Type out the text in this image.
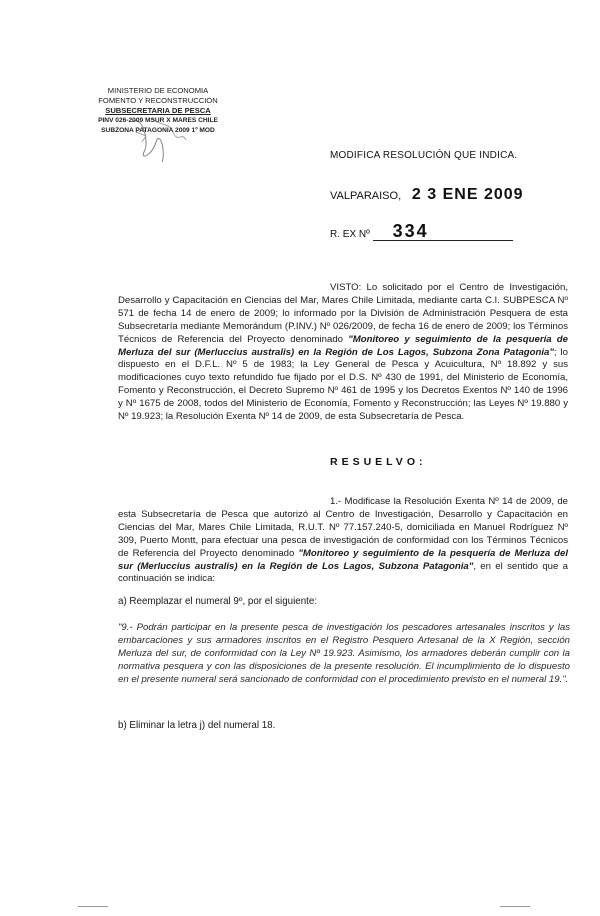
MINISTERIO DE ECONOMIA
FOMENTO Y RECONSTRUCCION
SUBSECRETARIA DE PESCA
PINV 026-2009 MSUR X MARES CHILE
SUBZONA PATAGONIA 2009 1º MOD
MODIFICA RESOLUCIÓN QUE INDICA.
VALPARAISO, 2 3 ENE 2009
R. EX Nº 334
VISTO: Lo solicitado por el Centro de Investigación, Desarrollo y Capacitación en Ciencias del Mar, Mares Chile Limitada, mediante carta C.I. SUBPESCA Nº 571 de fecha 14 de enero de 2009; lo informado por la División de Administración Pesquera de esta Subsecretaría mediante Memorándum (P.INV.) Nº 026/2009, de fecha 16 de enero de 2009; los Términos Técnicos de Referencia del Proyecto denominado "Monitoreo y seguimiento de la pesquería de Merluza del sur (Merluccius australis) en la Región de Los Lagos, Subzona Zona Patagonia"; lo dispuesto en el D.F.L. Nº 5 de 1983; la Ley General de Pesca y Acuicultura, Nº 18.892 y sus modificaciones cuyo texto refundido fue fijado por el D.S. Nº 430 de 1991, del Ministerio de Economía, Fomento y Reconstrucción, el Decreto Supremo Nº 461 de 1995 y los Decretos Exentos Nº 140 de 1996 y Nº 1675 de 2008, todos del Ministerio de Economía, Fomento y Reconstrucción; las Leyes Nº 19.880 y Nº 19.923; la Resolución Exenta Nº 14 de 2009, de esta Subsecretaría de Pesca.
RESUELVO:
1.- Modificase la Resolución Exenta Nº 14 de 2009, de esta Subsecretaría de Pesca que autorizó al Centro de Investigación, Desarrollo y Capacitación en Ciencias del Mar, Mares Chile Limitada, R.U.T. Nº 77.157.240-5, domiciliada en Manuel Rodríguez Nº 309, Puerto Montt, para efectuar una pesca de investigación de conformidad con los Términos Técnicos de Referencia del Proyecto denominado "Monitoreo y seguimiento de la pesquería de Merluza del sur (Merluccius australis) en la Región de Los Lagos, Subzona Patagonia", en el sentido que a continuación se indica:
a) Reemplazar el numeral 9º, por el siguiente:
"9.- Podrán participar en la presente pesca de investigación los pescadores artesanales inscritos y las embarcaciones y sus armadores inscritos en el Registro Pesquero Artesanal de la X Región, sección Merluza del sur, de conformidad con la Ley Nº 19.923. Asimismo, los armadores deberán cumplir con la normativa pesquera y con las disposiciones de la presente resolución. El incumplimiento de lo dispuesto en el presente numeral será sancionado de conformidad con el procedimiento previsto en el numeral 19.".
b) Eliminar la letra j) del numeral 18.
